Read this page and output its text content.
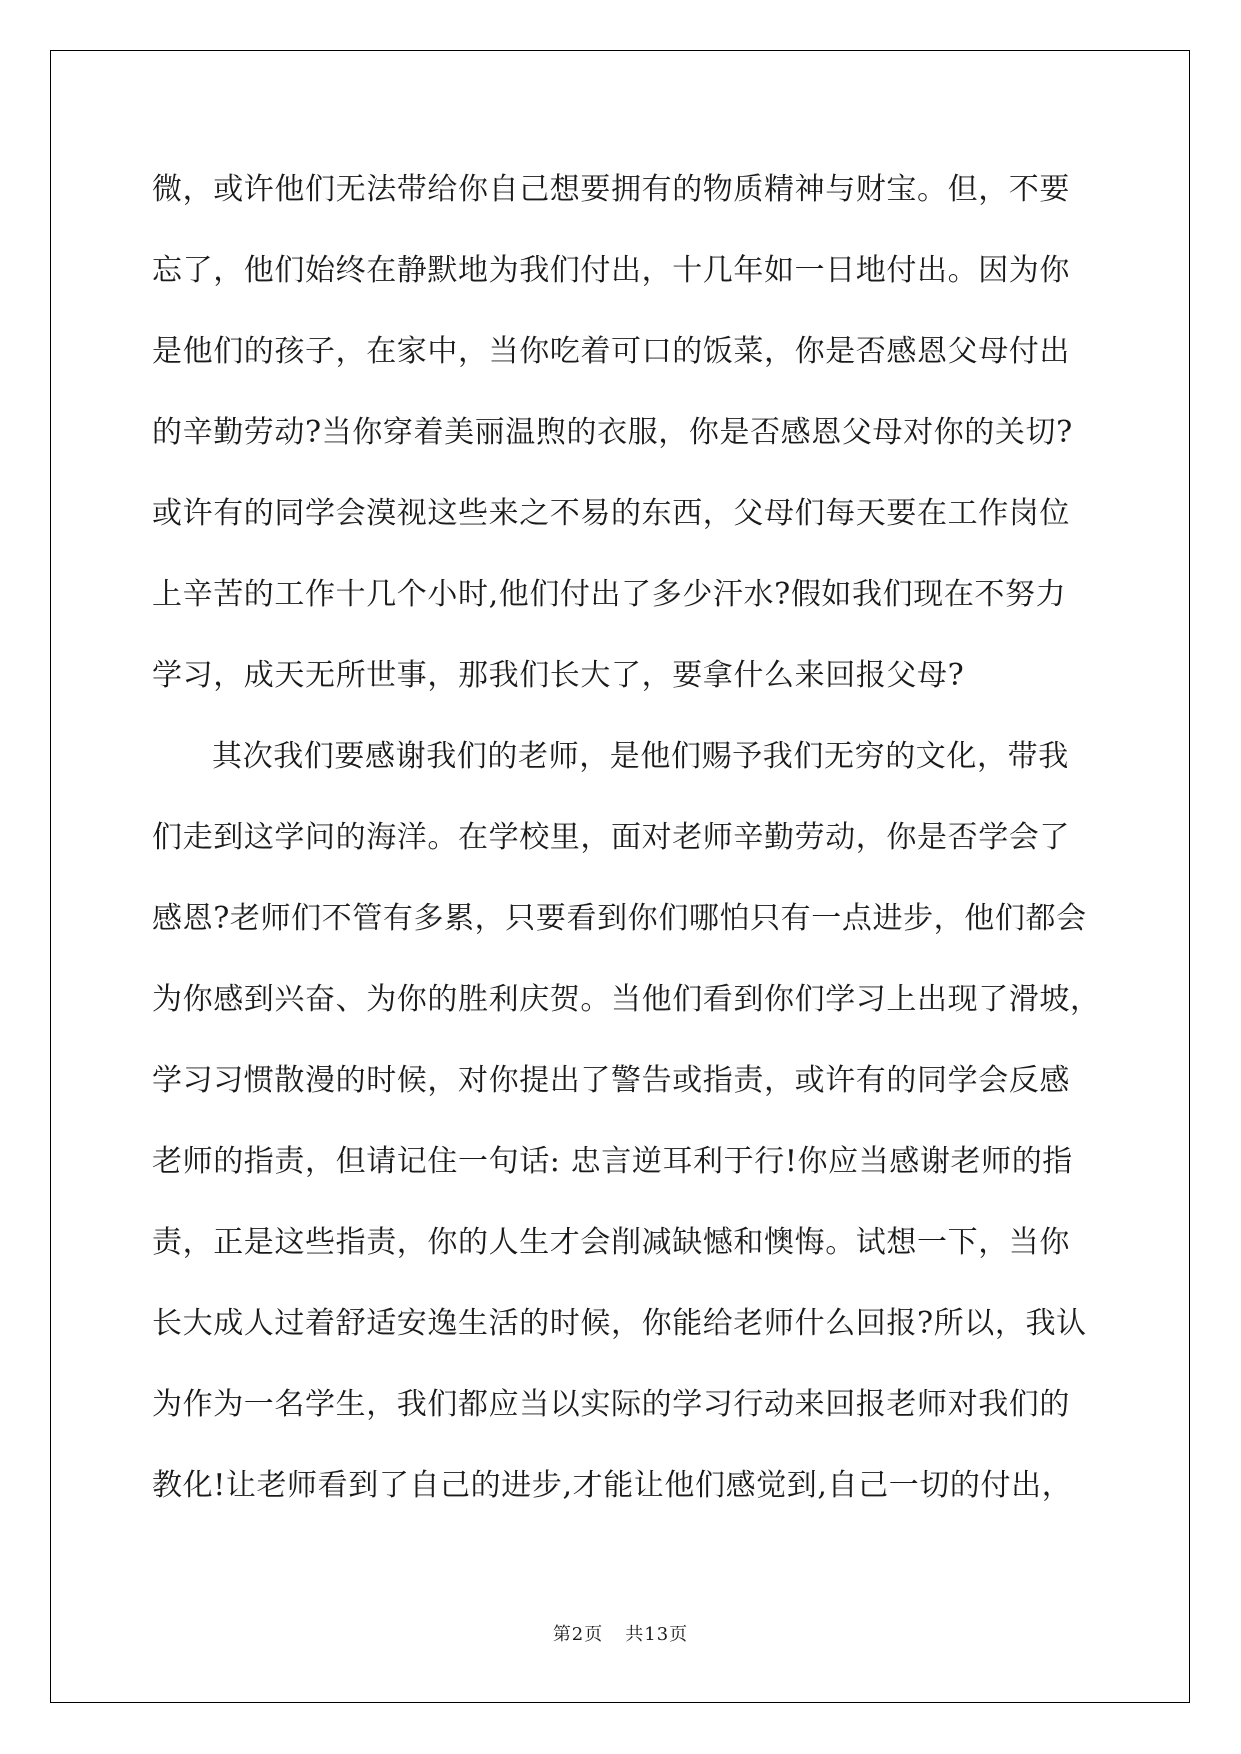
微，或许他们无法带给你自己想要拥有的物质精神与财宝。但，不要
忘了，他们始终在静默地为我们付出，十几年如一日地付出。因为你
是他们的孩子，在家中，当你吃着可口的饭菜，你是否感恩父母付出
的辛勤劳动?当你穿着美丽温煦的衣服，你是否感恩父母对你的关切?
或许有的同学会漠视这些来之不易的东西，父母们每天要在工作岗位
上辛苦的工作十几个小时,他们付出了多少汗水?假如我们现在不努力
学习，成天无所世事，那我们长大了，要拿什么来回报父母?
其次我们要感谢我们的老师，是他们赐予我们无穷的文化，带我
们走到这学问的海洋。在学校里，面对老师辛勤劳动，你是否学会了
感恩?老师们不管有多累，只要看到你们哪怕只有一点进步，他们都会
为你感到兴奋、为你的胜利庆贺。当他们看到你们学习上出现了滑坡，
学习习惯散漫的时候，对你提出了警告或指责，或许有的同学会反感
老师的指责，但请记住一句话: 忠言逆耳利于行!你应当感谢老师的指
责，正是这些指责，你的人生才会削减缺憾和懊悔。试想一下，当你
长大成人过着舒适安逸生活的时候，你能给老师什么回报?所以，我认
为作为一名学生，我们都应当以实际的学习行动来回报老师对我们的
教化!让老师看到了自己的进步,才能让他们感觉到,自己一切的付出，
第2页 共13页
